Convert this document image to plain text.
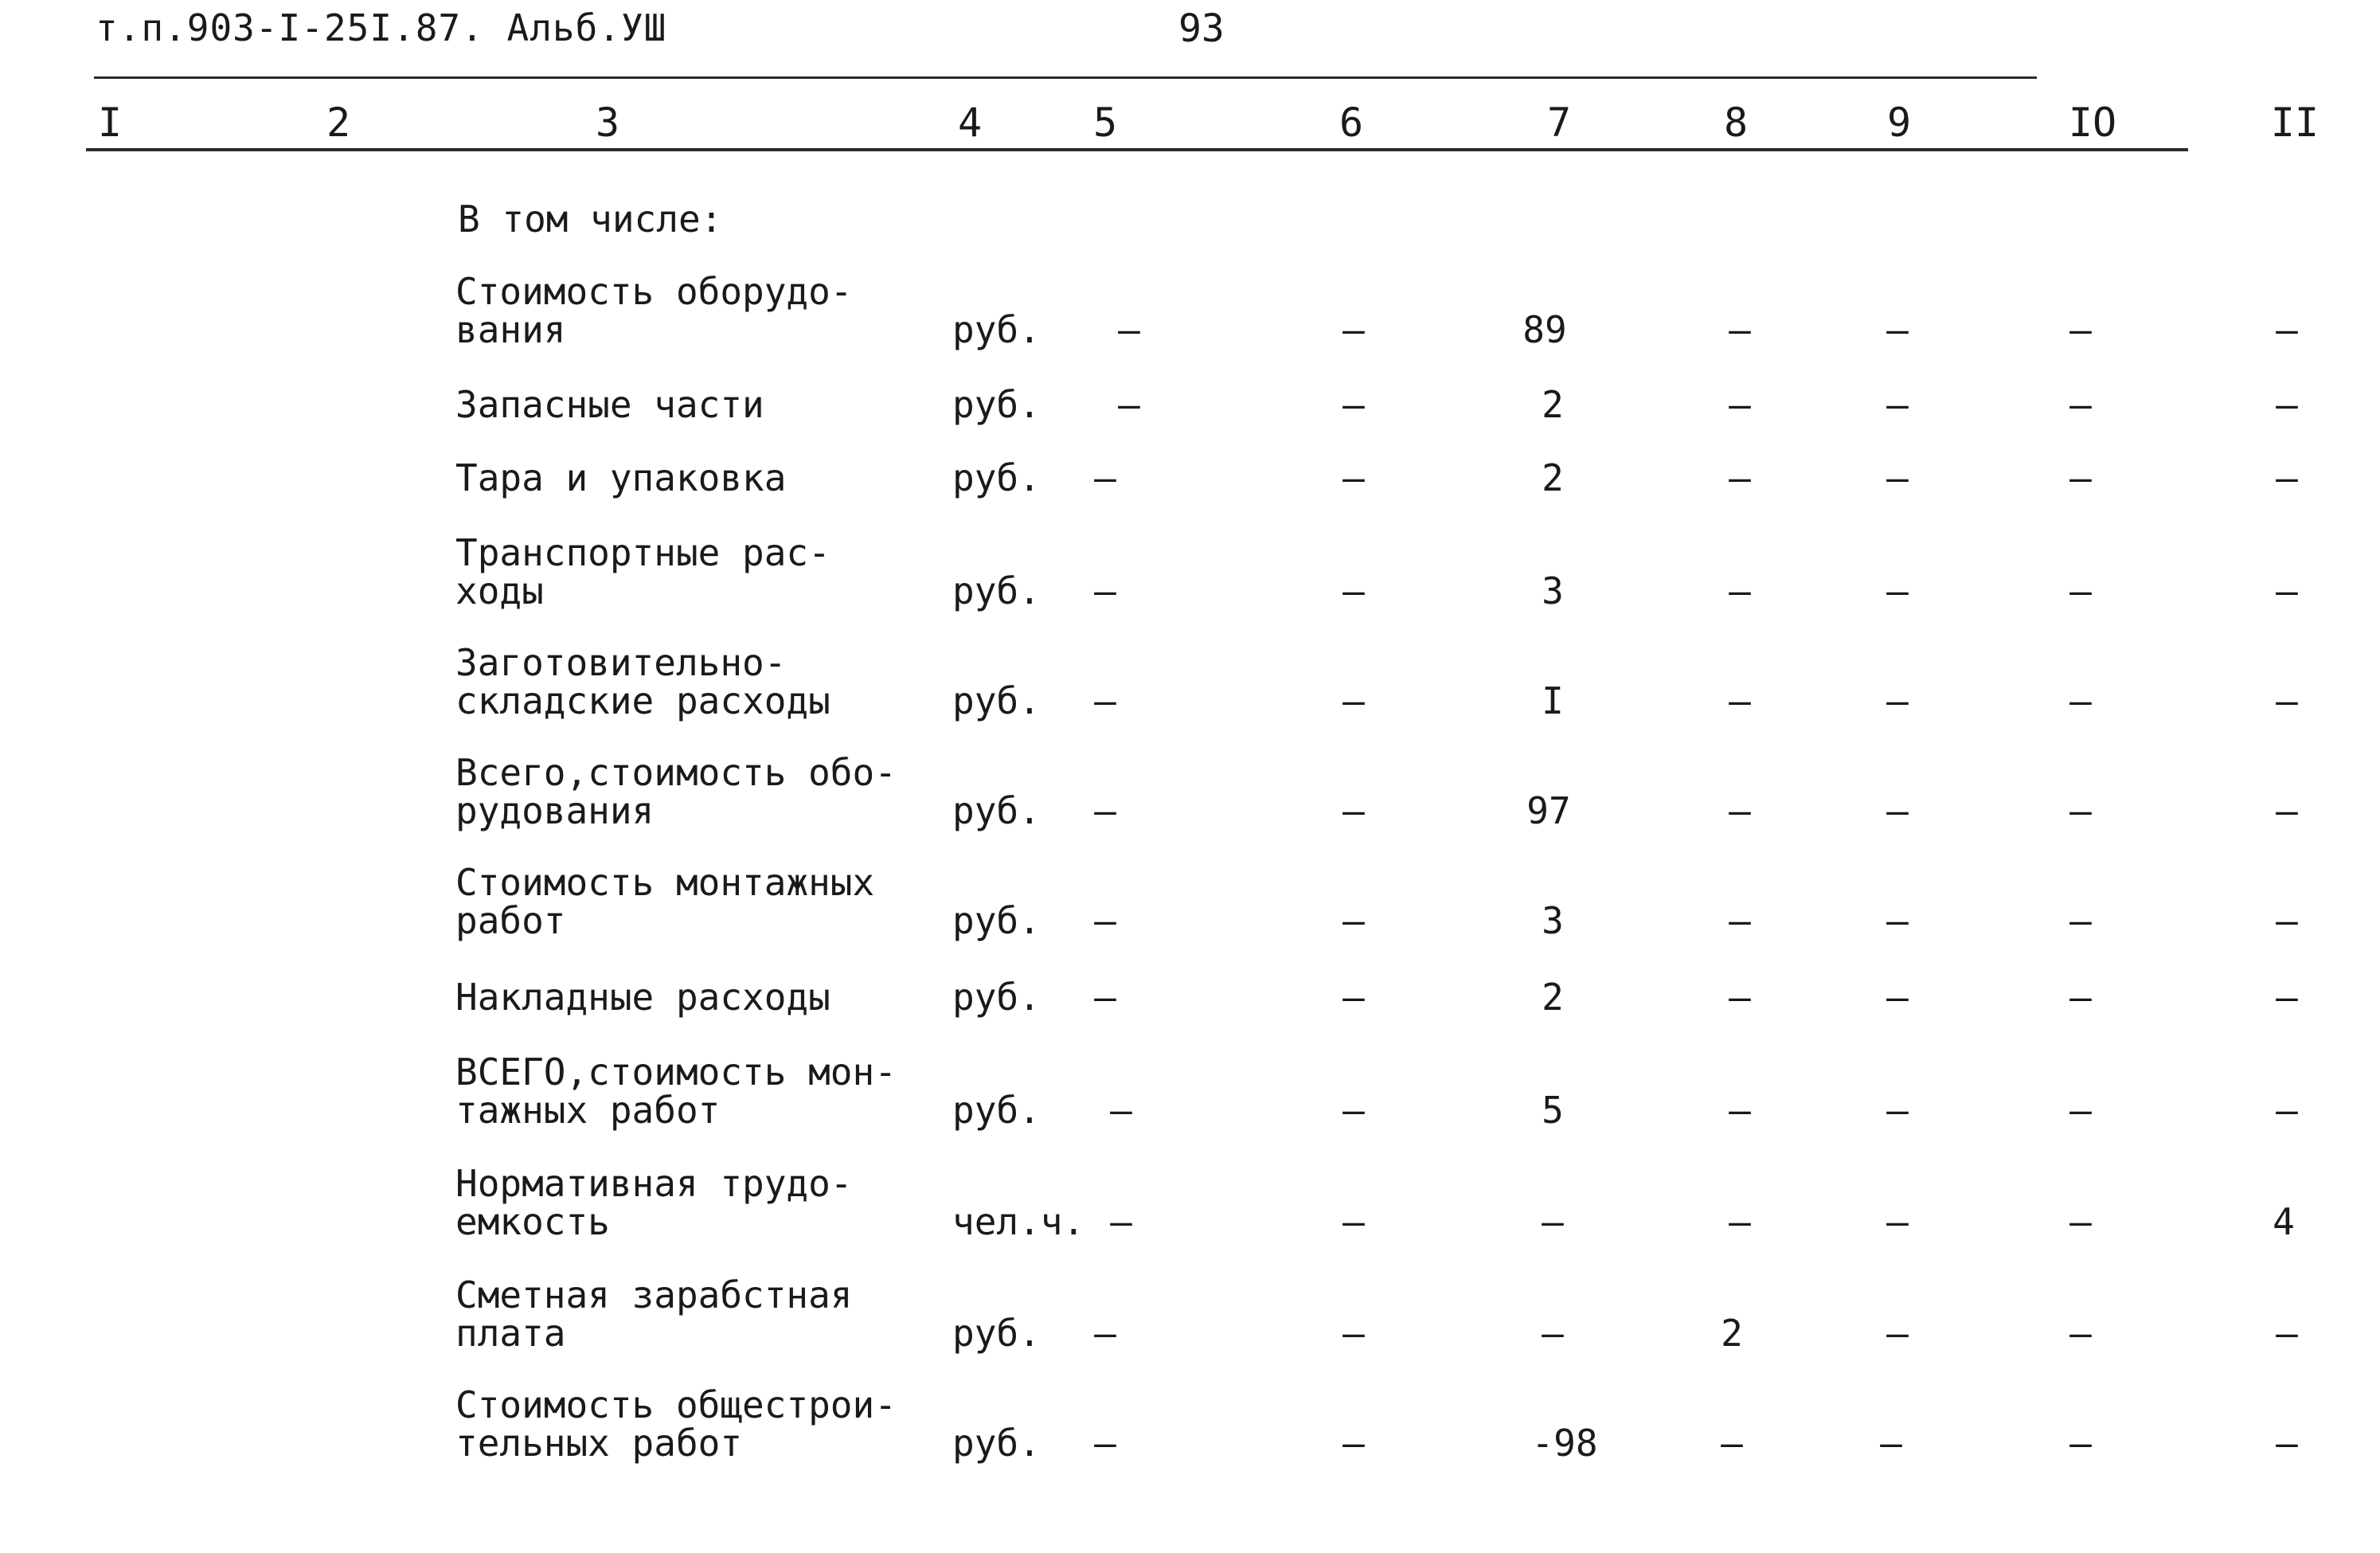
т.п.903-I-25I.87. Альб.УШ	93
I	2	3	4	5	6	7	8	9	IO	II
В том числе:
Стоимость оборудо-
вания	руб. –	–	89	–	–	–	–
Запасные части	руб. –	–	2	–	–	–	–
Тара и упаковка	руб. –	–	2	–	–	–	–
Транспортные рас-
ходы	руб. –	–	3	–	–	–	–
Заготовительно-
складские расходы	руб. –	–	I	–	–	–	–
Всего,стоимость обо-
рудования	руб. –	–	97	–	–	–	–
Стоимость монтажных
работ	руб. –	–	3	–	–	–	–
Накладные расходы	руб. –	–	2	–	–	–	–
ВСЕГО,стоимость мон-
тажных работ	руб. –	–	5	–	–	–	–
Нормативная трудо-
емкость	чел.ч. –	–	–	–	–	–	4
Сметная зарабстная
плата	руб. –	–	–	2	–	–	–
Стоимость общестрои-
тельных работ	руб. –	–	-98	–	–	–	–
